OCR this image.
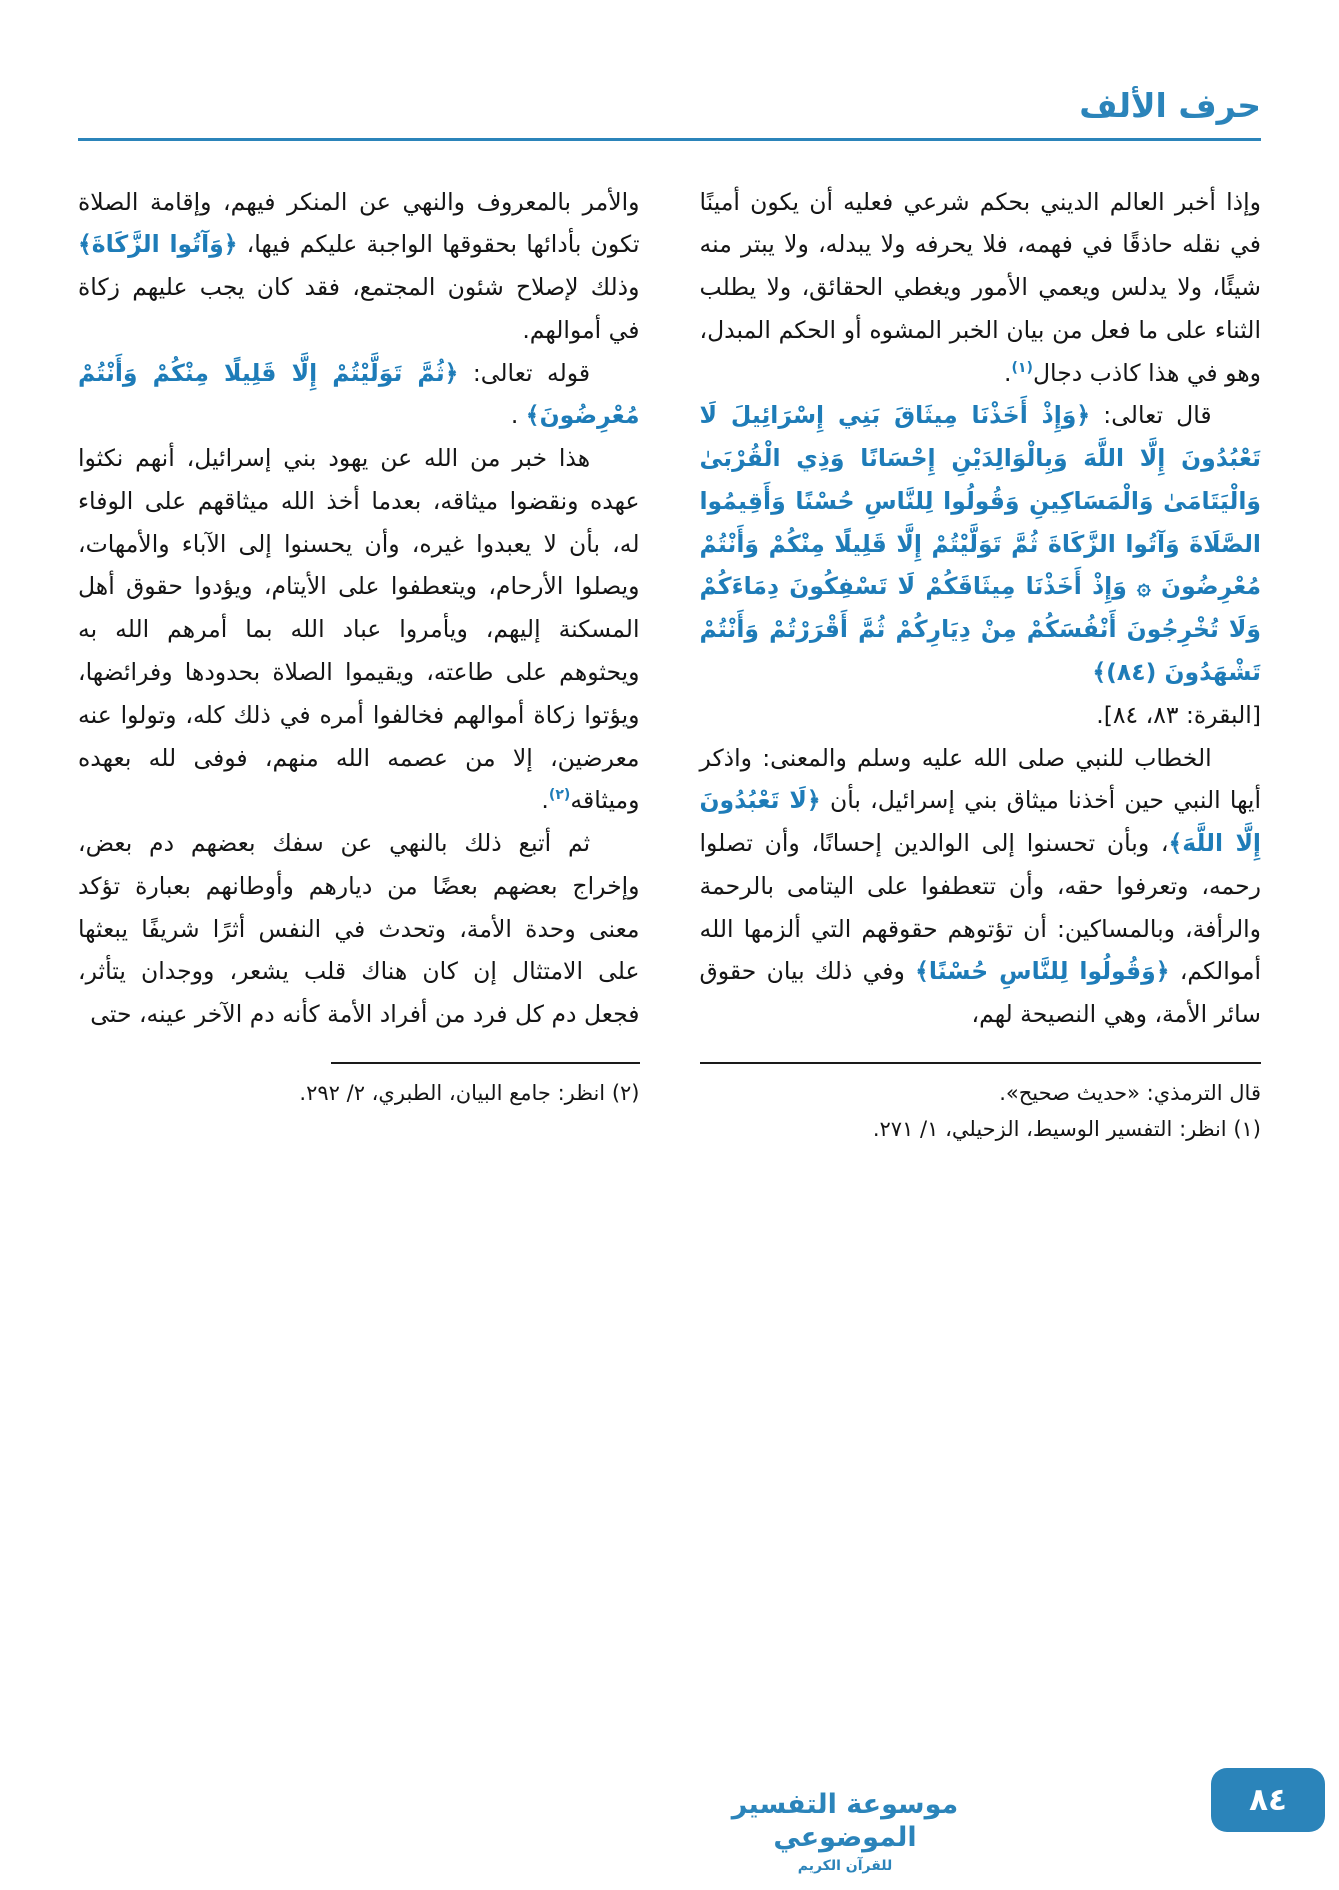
حرف الألف

وإذا أخبر العالم الديني بحكم شرعي فعليه أن يكون أمينًا في نقله حاذقًا في فهمه، فلا يحرفه ولا يبدله، ولا يبتر منه شيئًا، ولا يدلس ويعمي الأمور ويغطي الحقائق، ولا يطلب الثناء على ما فعل من بيان الخبر المشوه أو الحكم المبدل، وهو في هذا كاذب دجال$^{(١)}$.

قال تعالى: ﴿وَإِذْ أَخَذْنَا مِيثَاقَ بَنِي إِسْرَائِيلَ لَا تَعْبُدُونَ إِلَّا اللَّهَ وَبِالْوَالِدَيْنِ إِحْسَانًا وَذِي الْقُرْبَىٰ وَالْيَتَامَىٰ وَالْمَسَاكِينِ وَقُولُوا لِلنَّاسِ حُسْنًا وَأَقِيمُوا الصَّلَاةَ وَآتُوا الزَّكَاةَ ثُمَّ تَوَلَّيْتُمْ إِلَّا قَلِيلًا مِنْكُمْ وَأَنْتُمْ مُعْرِضُونَ ۞ وَإِذْ أَخَذْنَا مِيثَاقَكُمْ لَا تَسْفِكُونَ دِمَاءَكُمْ وَلَا تُخْرِجُونَ أَنْفُسَكُمْ مِنْ دِيَارِكُمْ ثُمَّ أَقْرَرْتُمْ وَأَنْتُمْ تَشْهَدُونَ (٨٤)﴾

[البقرة: ٨٣، ٨٤].

الخطاب للنبي صلى الله عليه وسلم والمعنى: واذكر أيها النبي حين أخذنا ميثاق بني إسرائيل، بأن ﴿لَا تَعْبُدُونَ إِلَّا اللَّهَ﴾، وبأن تحسنوا إلى الوالدين إحسانًا، وأن تصلوا رحمه، وتعرفوا حقه، وأن تتعطفوا على اليتامى بالرحمة والرأفة، وبالمساكين: أن تؤتوهم حقوقهم التي ألزمها الله أموالكم، ﴿وَقُولُوا لِلنَّاسِ حُسْنًا﴾ وفي ذلك بيان حقوق سائر الأمة، وهي النصيحة لهم،

قال الترمذي: «حديث صحيح».
(١) انظر: التفسير الوسيط، الزحيلي، ١/ ٢٧١.

والأمر بالمعروف والنهي عن المنكر فيهم، وإقامة الصلاة تكون بأدائها بحقوقها الواجبة عليكم فيها، ﴿وَآتُوا الزَّكَاةَ﴾ وذلك لإصلاح شئون المجتمع، فقد كان يجب عليهم زكاة في أموالهم.

قوله تعالى: ﴿ثُمَّ تَوَلَّيْتُمْ إِلَّا قَلِيلًا مِنْكُمْ وَأَنْتُمْ مُعْرِضُونَ﴾ .

هذا خبر من الله عن يهود بني إسرائيل، أنهم نكثوا عهده ونقضوا ميثاقه، بعدما أخذ الله ميثاقهم على الوفاء له، بأن لا يعبدوا غيره، وأن يحسنوا إلى الآباء والأمهات، ويصلوا الأرحام، ويتعطفوا على الأيتام، ويؤدوا حقوق أهل المسكنة إليهم، ويأمروا عباد الله بما أمرهم الله به ويحثوهم على طاعته، ويقيموا الصلاة بحدودها وفرائضها، ويؤتوا زكاة أموالهم فخالفوا أمره في ذلك كله، وتولوا عنه معرضين، إلا من عصمه الله منهم، فوفى لله بعهده وميثاقه$^{(٢)}$.

ثم أتبع ذلك بالنهي عن سفك بعضهم دم بعض، وإخراج بعضهم بعضًا من ديارهم وأوطانهم بعبارة تؤكد معنى وحدة الأمة، وتحدث في النفس أثرًا شريفًا يبعثها على الامتثال إن كان هناك قلب يشعر، ووجدان يتأثر، فجعل دم كل فرد من أفراد الأمة كأنه دم الآخر عينه، حتى

(٢) انظر: جامع البيان، الطبري، ٢/ ٢٩٢.
موسوعة التفسير الموضوعي
للقرآن الكريم
٨٤
